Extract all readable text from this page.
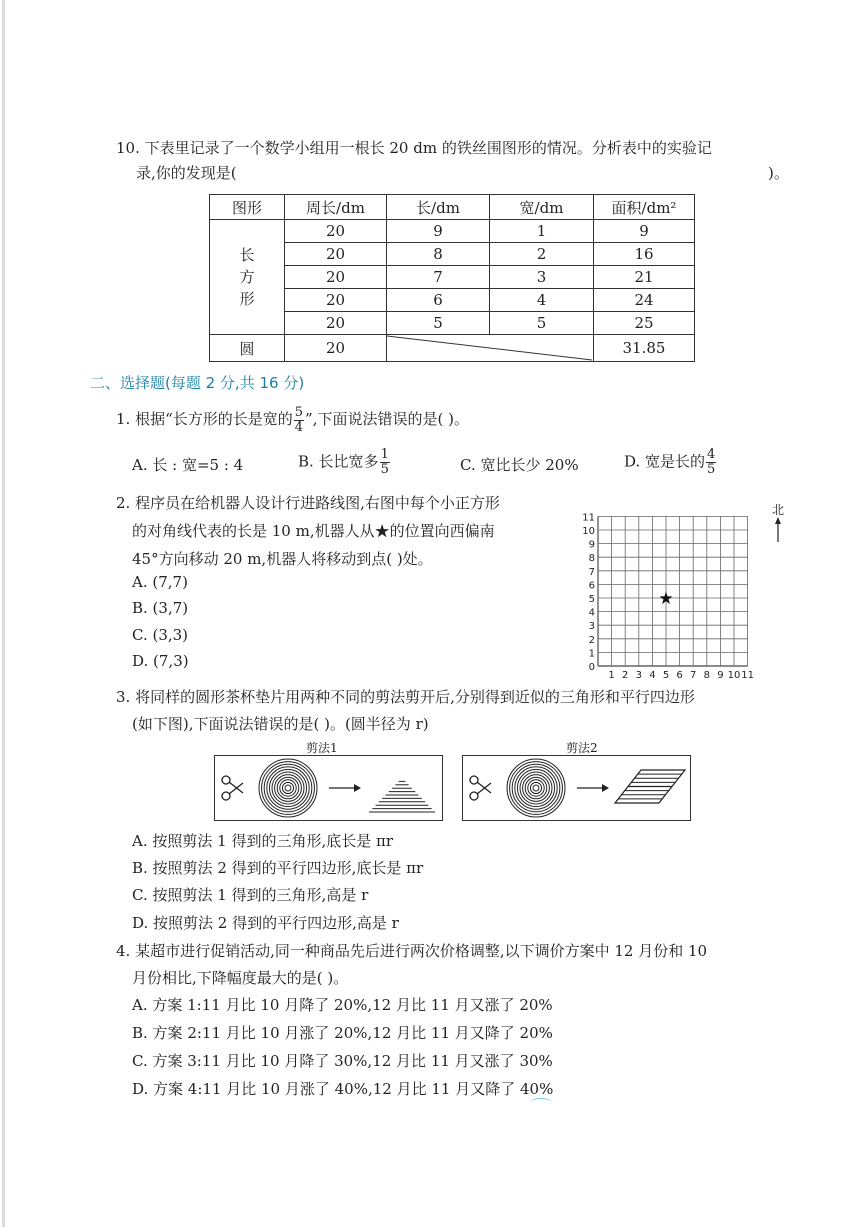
10. 下表里记录了一个数学小组用一根长 20 dm 的铁丝围图形的情况。分析表中的实验记
录,你的发现是(	)。
图形	周长/dm	长/dm	宽/dm	面积/dm²

长方形	20	9	1	9
	20	8	2	16
	20	7	3	21
	20	6	4	24
	20	5	5	25
圆	20			31.85
二、选择题(每题 2 分,共 16 分)
1. 根据“长方形的长是宽的 $\frac{5}{4}$ ”,下面说法错误的是( )。
A. 长 : 宽=5 : 4	B. 长比宽多 $\frac{1}{5}$	C. 宽比长少 20%	D. 宽是长的 $\frac{4}{5}$
2. 程序员在给机器人设计行进路线图,右图中每个小正方形
的对角线代表的长是 10 m,机器人从★的位置向西偏南
45°方向移动 20 m,机器人将移动到点( )处。
A. (7,7)
B. (3,7)
C. (3,3)
D. (7,3)	0
1
2
3
4
5
6
7
8
9
10
11
1 2 3 4 5 6 7 8 9 10 11
★
北
3. 将同样的圆形茶杯垫片用两种不同的剪法剪开后,分别得到近似的三角形和平行四边形
(如下图),下面说法错误的是( )。(圆半径为 r)
剪法1	剪法2
A. 按照剪法 1 得到的三角形,底长是 πr
B. 按照剪法 2 得到的平行四边形,底长是 πr
C. 按照剪法 1 得到的三角形,高是 r
D. 按照剪法 2 得到的平行四边形,高是 r
4. 某超市进行促销活动,同一种商品先后进行两次价格调整,以下调价方案中 12 月份和 10
月份相比,下降幅度最大的是( )。
A. 方案 1:11 月比 10 月降了 20%,12 月比 11 月又涨了 20%
B. 方案 2:11 月比 10 月涨了 20%,12 月比 11 月又降了 20%
C. 方案 3:11 月比 10 月降了 30%,12 月比 11 月又涨了 30%
D. 方案 4:11 月比 10 月涨了 40%,12 月比 11 月又降了 40%
